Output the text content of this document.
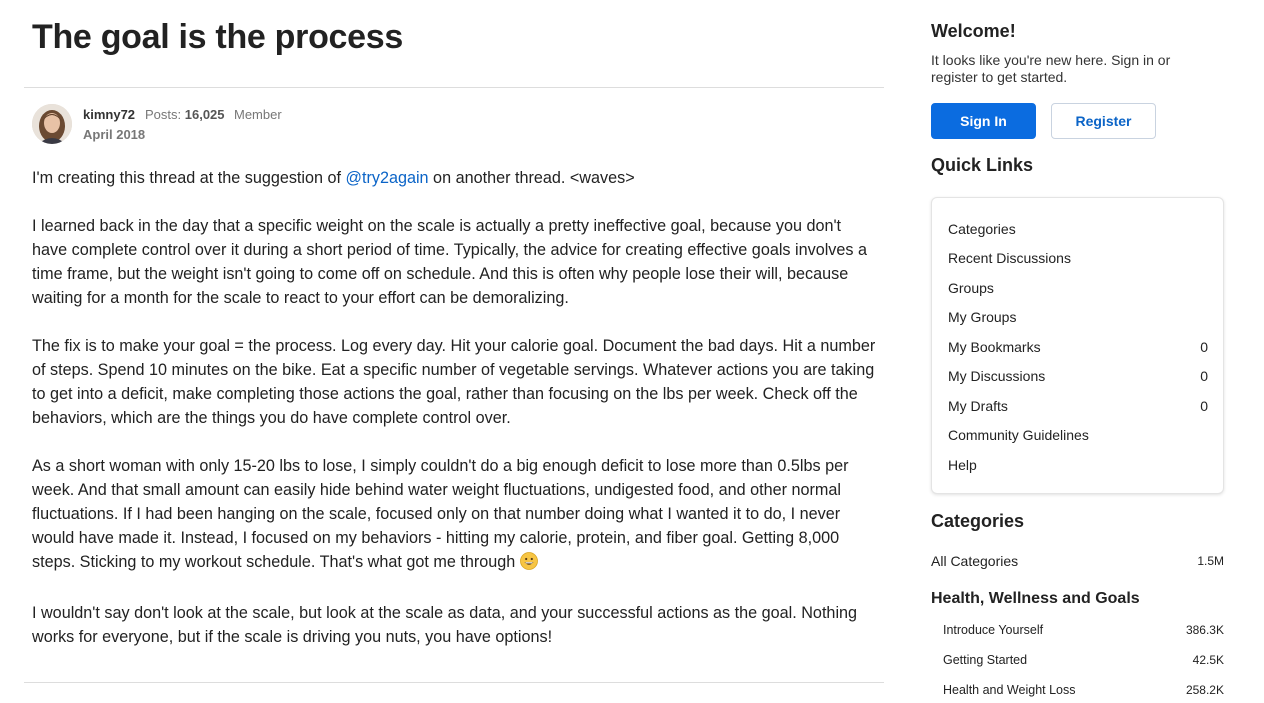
The goal is the process
kimny72 Posts: 16,025 Member
April 2018

I'm creating this thread at the suggestion of @try2again on another thread. <waves>

I learned back in the day that a specific weight on the scale is actually a pretty ineffective goal, because you don't have complete control over it during a short period of time. Typically, the advice for creating effective goals involves a time frame, but the weight isn't going to come off on schedule. And this is often why people lose their will, because waiting for a month for the scale to react to your effort can be demoralizing.

The fix is to make your goal = the process. Log every day. Hit your calorie goal. Document the bad days. Hit a number of steps. Spend 10 minutes on the bike. Eat a specific number of vegetable servings. Whatever actions you are taking to get into a deficit, make completing those actions the goal, rather than focusing on the lbs per week. Check off the behaviors, which are the things you do have complete control over.

As a short woman with only 15-20 lbs to lose, I simply couldn't do a big enough deficit to lose more than 0.5lbs per week. And that small amount can easily hide behind water weight fluctuations, undigested food, and other normal fluctuations. If I had been hanging on the scale, focused only on that number doing what I wanted it to do, I never would have made it. Instead, I focused on my behaviors - hitting my calorie, protein, and fiber goal. Getting 8,000 steps. Sticking to my workout schedule. That's what got me through

I wouldn't say don't look at the scale, but look at the scale as data, and your successful actions as the goal. Nothing works for everyone, but if the scale is driving you nuts, you have options!

Welcome!
It looks like you're new here. Sign in or register to get started.
Sign In	Register
Quick Links
Categories
Recent Discussions
Groups
My Groups
My Bookmarks	0
My Discussions	0
My Drafts	0
Community Guidelines
Help
Categories
All Categories	1.5M
Health, Wellness and Goals
Introduce Yourself	386.3K
Getting Started	42.5K
Health and Weight Loss	258.2K
